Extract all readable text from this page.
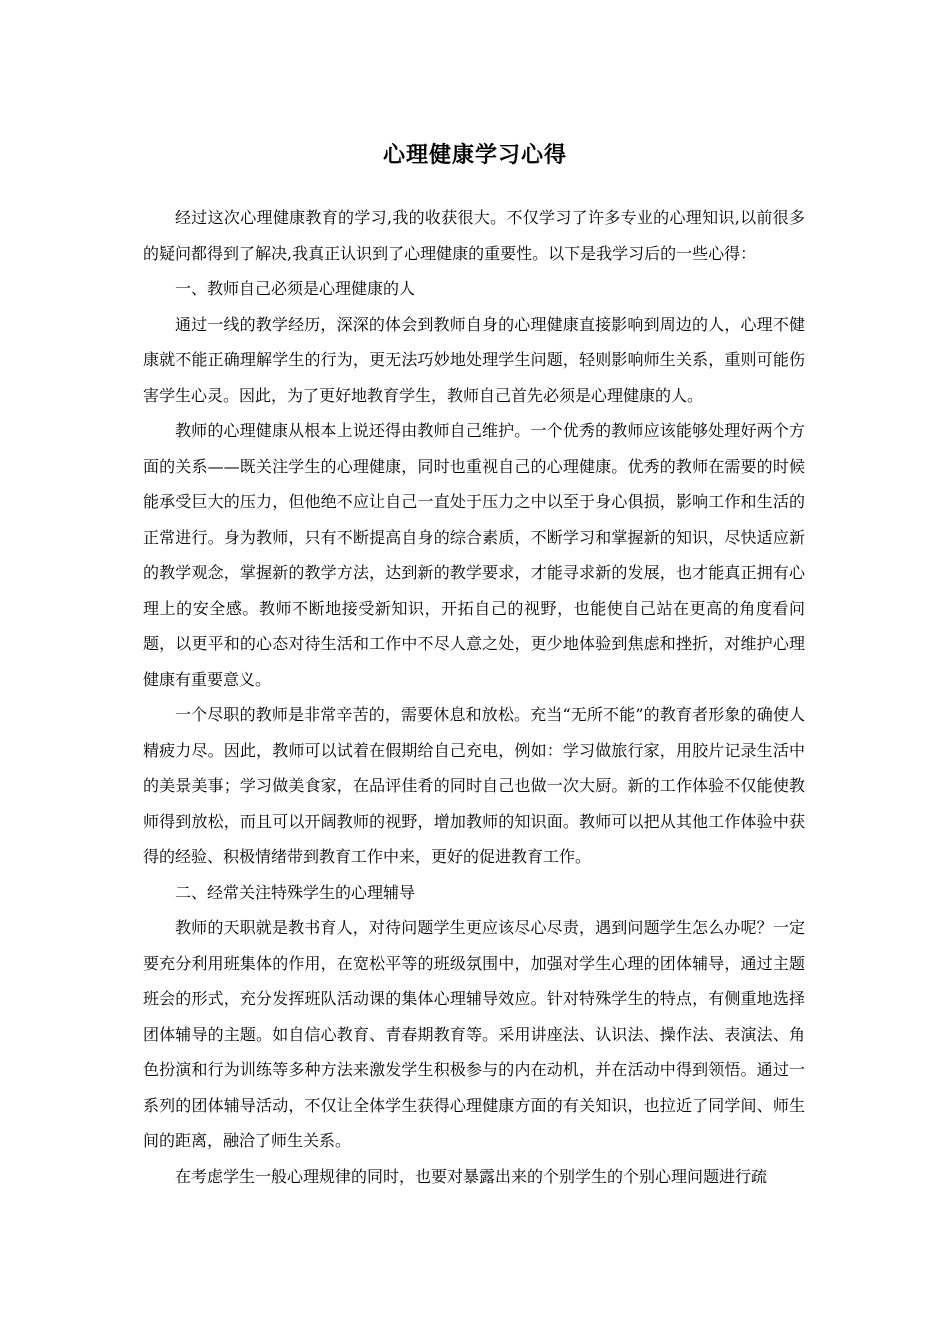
心理健康学习心得

经过这次心理健康教育的学习,我的收获很大。不仅学习了许多专业的心理知识,以前很多的疑问都得到了解决,我真正认识到了心理健康的重要性。以下是我学习后的一些心得：

一、教师自己必须是心理健康的人

通过一线的教学经历，深深的体会到教师自身的心理健康直接影响到周边的人，心理不健康就不能正确理解学生的行为，更无法巧妙地处理学生问题，轻则影响师生关系，重则可能伤害学生心灵。因此，为了更好地教育学生，教师自己首先必须是心理健康的人。

教师的心理健康从根本上说还得由教师自己维护。一个优秀的教师应该能够处理好两个方面的关系——既关注学生的心理健康，同时也重视自己的心理健康。优秀的教师在需要的时候能承受巨大的压力，但他绝不应让自己一直处于压力之中以至于身心俱损，影响工作和生活的正常进行。身为教师，只有不断提高自身的综合素质，不断学习和掌握新的知识，尽快适应新的教学观念，掌握新的教学方法，达到新的教学要求，才能寻求新的发展，也才能真正拥有心理上的安全感。教师不断地接受新知识，开拓自己的视野，也能使自己站在更高的角度看问题，以更平和的心态对待生活和工作中不尽人意之处，更少地体验到焦虑和挫折，对维护心理健康有重要意义。

一个尽职的教师是非常辛苦的，需要休息和放松。充当“无所不能”的教育者形象的确使人精疲力尽。因此，教师可以试着在假期给自己充电，例如：学习做旅行家，用胶片记录生活中的美景美事；学习做美食家，在品评佳肴的同时自己也做一次大厨。新的工作体验不仅能使教师得到放松，而且可以开阔教师的视野，增加教师的知识面。教师可以把从其他工作体验中获得的经验、积极情绪带到教育工作中来，更好的促进教育工作。

二、经常关注特殊学生的心理辅导

教师的天职就是教书育人，对待问题学生更应该尽心尽责，遇到问题学生怎么办呢？一定要充分利用班集体的作用，在宽松平等的班级氛围中，加强对学生心理的团体辅导，通过主题班会的形式，充分发挥班队活动课的集体心理辅导效应。针对特殊学生的特点，有侧重地选择团体辅导的主题。如自信心教育、青春期教育等。采用讲座法、认识法、操作法、表演法、角色扮演和行为训练等多种方法来激发学生积极参与的内在动机，并在活动中得到领悟。通过一系列的团体辅导活动，不仅让全体学生获得心理健康方面的有关知识，也拉近了同学间、师生间的距离，融洽了师生关系。

在考虑学生一般心理规律的同时，也要对暴露出来的个别学生的个别心理问题进行疏
